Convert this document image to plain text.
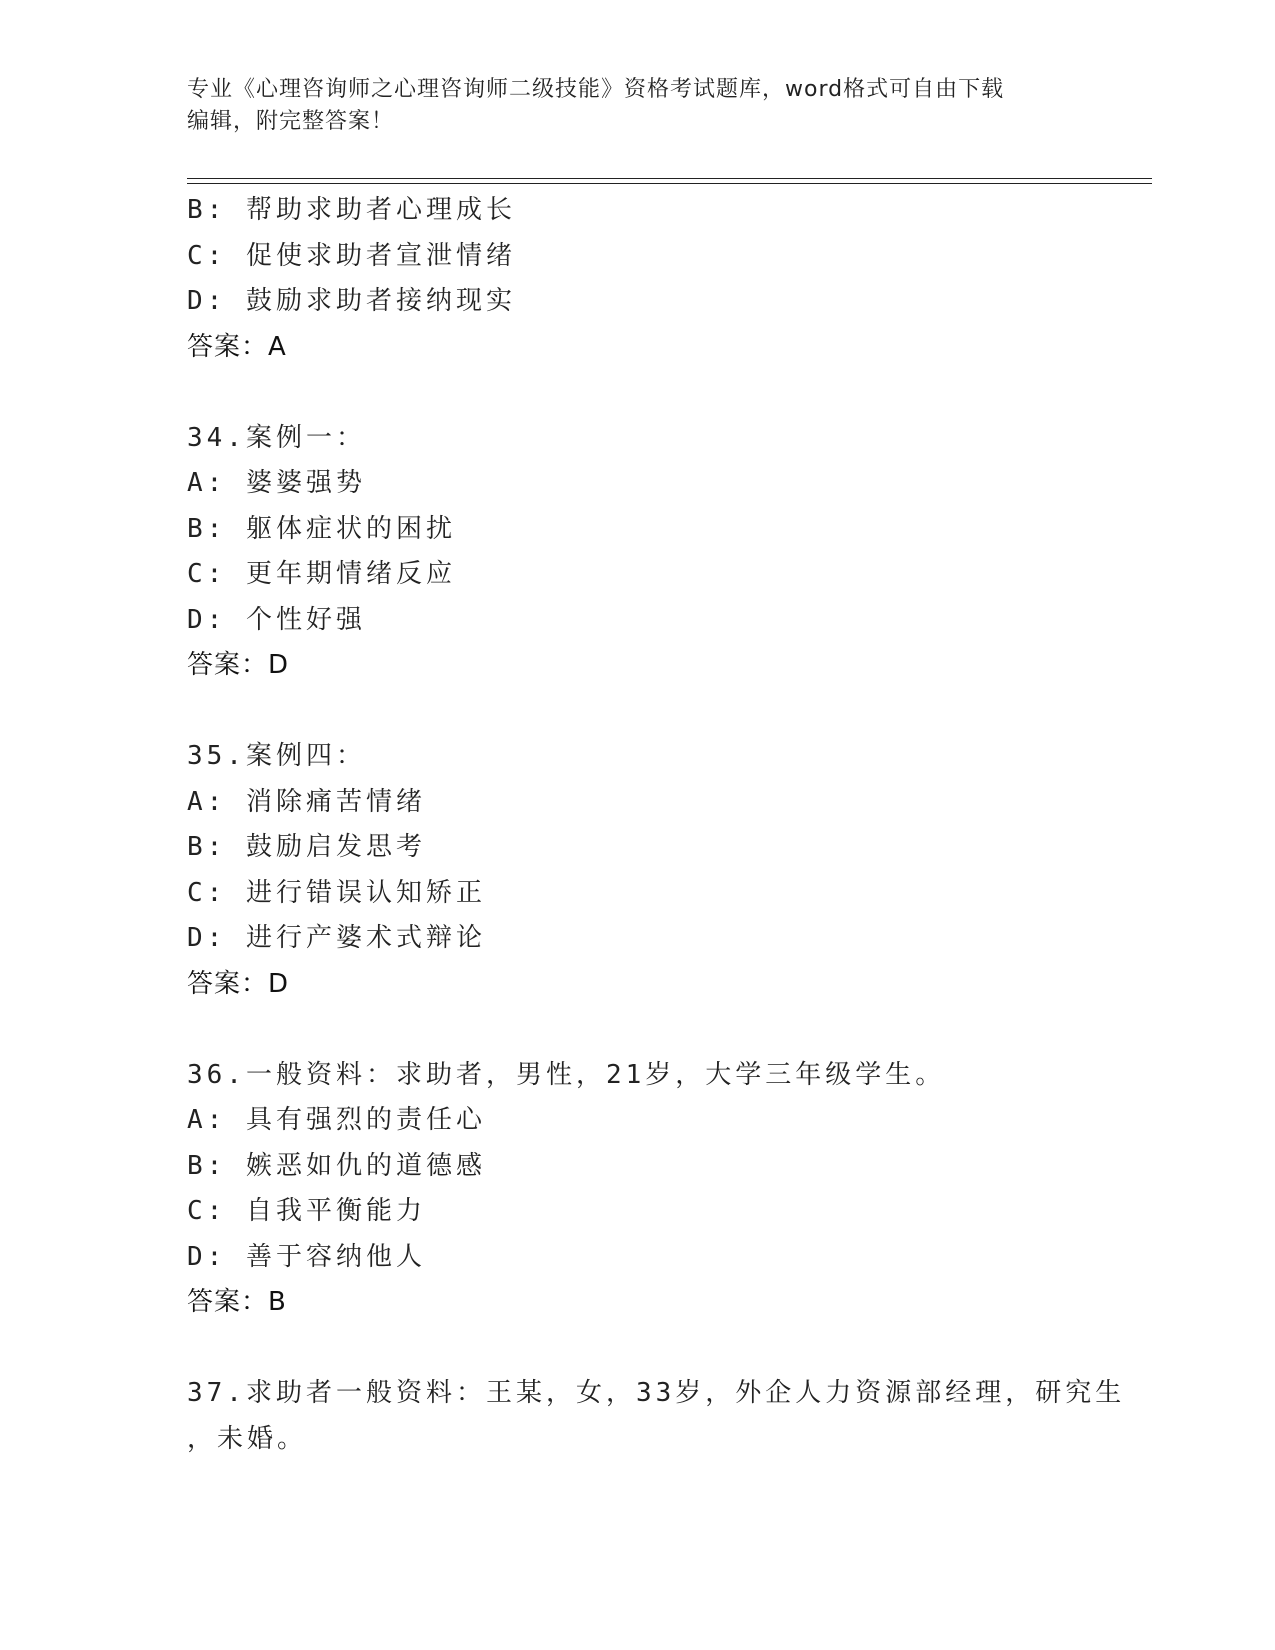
专业《心理咨询师之心理咨询师二级技能》资格考试题库，word格式可自由下载
编辑，附完整答案！
B: 帮助求助者心理成长
C: 促使求助者宣泄情绪
D: 鼓励求助者接纳现实
答案：A
34.案例一：
A: 婆婆强势
B: 躯体症状的困扰
C: 更年期情绪反应
D: 个性好强
答案：D
35.案例四：
A: 消除痛苦情绪
B: 鼓励启发思考
C: 进行错误认知矫正
D: 进行产婆术式辩论
答案：D
36.一般资料：求助者，男性，21岁，大学三年级学生。
A: 具有强烈的责任心
B: 嫉恶如仇的道德感
C: 自我平衡能力
D: 善于容纳他人
答案：B
37.求助者一般资料：王某，女，33岁，外企人力资源部经理，研究生
，未婚。
